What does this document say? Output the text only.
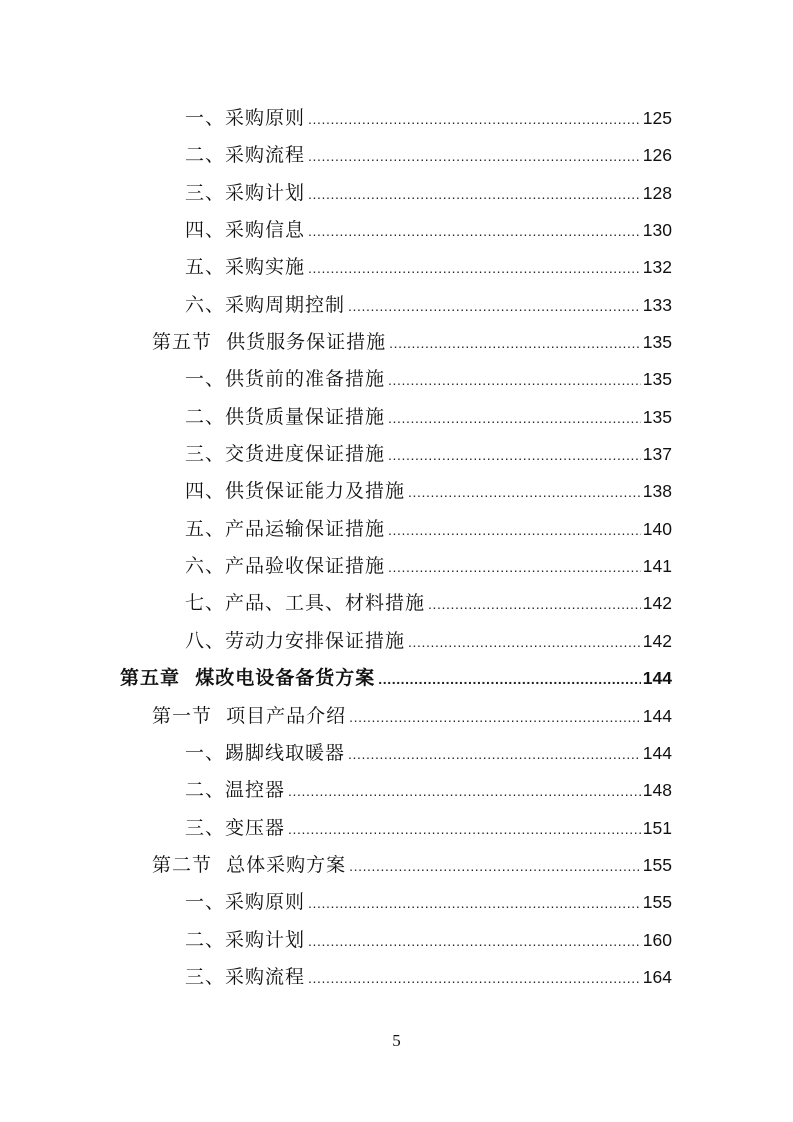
一、采购原则 .....	125
二、采购流程 .....	126
三、采购计划 .....	128
四、采购信息 .....	130
五、采购实施 .....	132
六、采购周期控制 .....	133
第五节  供货服务保证措施 .....	135
一、供货前的准备措施 .....	135
二、供货质量保证措施 .....	135
三、交货进度保证措施 .....	137
四、供货保证能力及措施 .....	138
五、产品运输保证措施 .....	140
六、产品验收保证措施 .....	141
七、产品、工具、材料措施 .....	142
八、劳动力安排保证措施 .....	142
第五章  煤改电设备备货方案 .....	144
第一节  项目产品介绍 .....	144
一、踢脚线取暖器 .....	144
二、温控器 .....	148
三、变压器 .....	151
第二节  总体采购方案 .....	155
一、采购原则 .....	155
二、采购计划 .....	160
三、采购流程 .....	164
5
